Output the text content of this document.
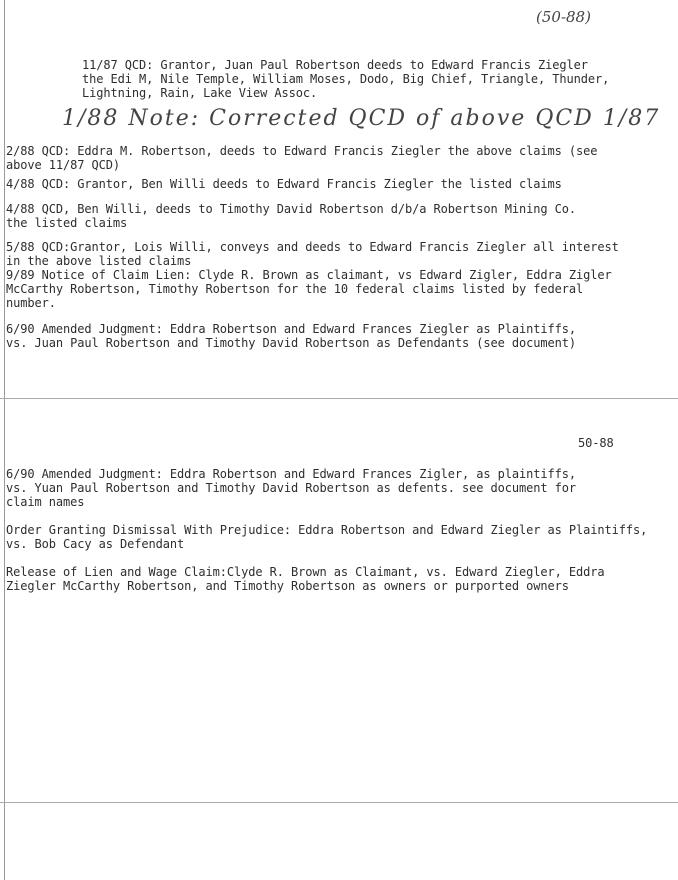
(50-88)
11/87 QCD: Grantor, Juan Paul Robertson deeds to Edward Francis Ziegler
the Edi M, Nile Temple, William Moses, Dodo, Big Chief, Triangle, Thunder,
Lightning, Rain, Lake View Assoc.
1/88 Note: Corrected QCD of above QCD 1/87
2/88 QCD: Eddra M. Robertson, deeds to Edward Francis Ziegler the above claims (see
above 11/87 QCD)
4/88 QCD: Grantor, Ben Willi deeds to Edward Francis Ziegler the listed claims
4/88 QCD, Ben Willi, deeds to Timothy David Robertson d/b/a Robertson Mining Co.
the listed claims
5/88 QCD:Grantor, Lois Willi, conveys and deeds to Edward Francis Ziegler all interest
in the above listed claims
9/89 Notice of Claim Lien: Clyde R. Brown as claimant, vs Edward Zigler, Eddra Zigler
McCarthy Robertson, Timothy Robertson for the 10 federal claims listed by federal
number.
6/90 Amended Judgment: Eddra Robertson and Edward Frances Ziegler as Plaintiffs,
vs. Juan Paul Robertson and Timothy David Robertson as Defendants (see document)
50-88
6/90 Amended Judgment: Eddra Robertson and Edward Frances Zigler, as plaintiffs,
vs. Yuan Paul Robertson and Timothy David Robertson as defents. see document for
claim names
Order Granting Dismissal With Prejudice: Eddra Robertson and Edward Ziegler as Plaintiffs,
vs. Bob Cacy as Defendant
Release of Lien and Wage Claim:Clyde R. Brown as Claimant, vs. Edward Ziegler, Eddra
Ziegler McCarthy Robertson, and Timothy Robertson as owners or purported owners
